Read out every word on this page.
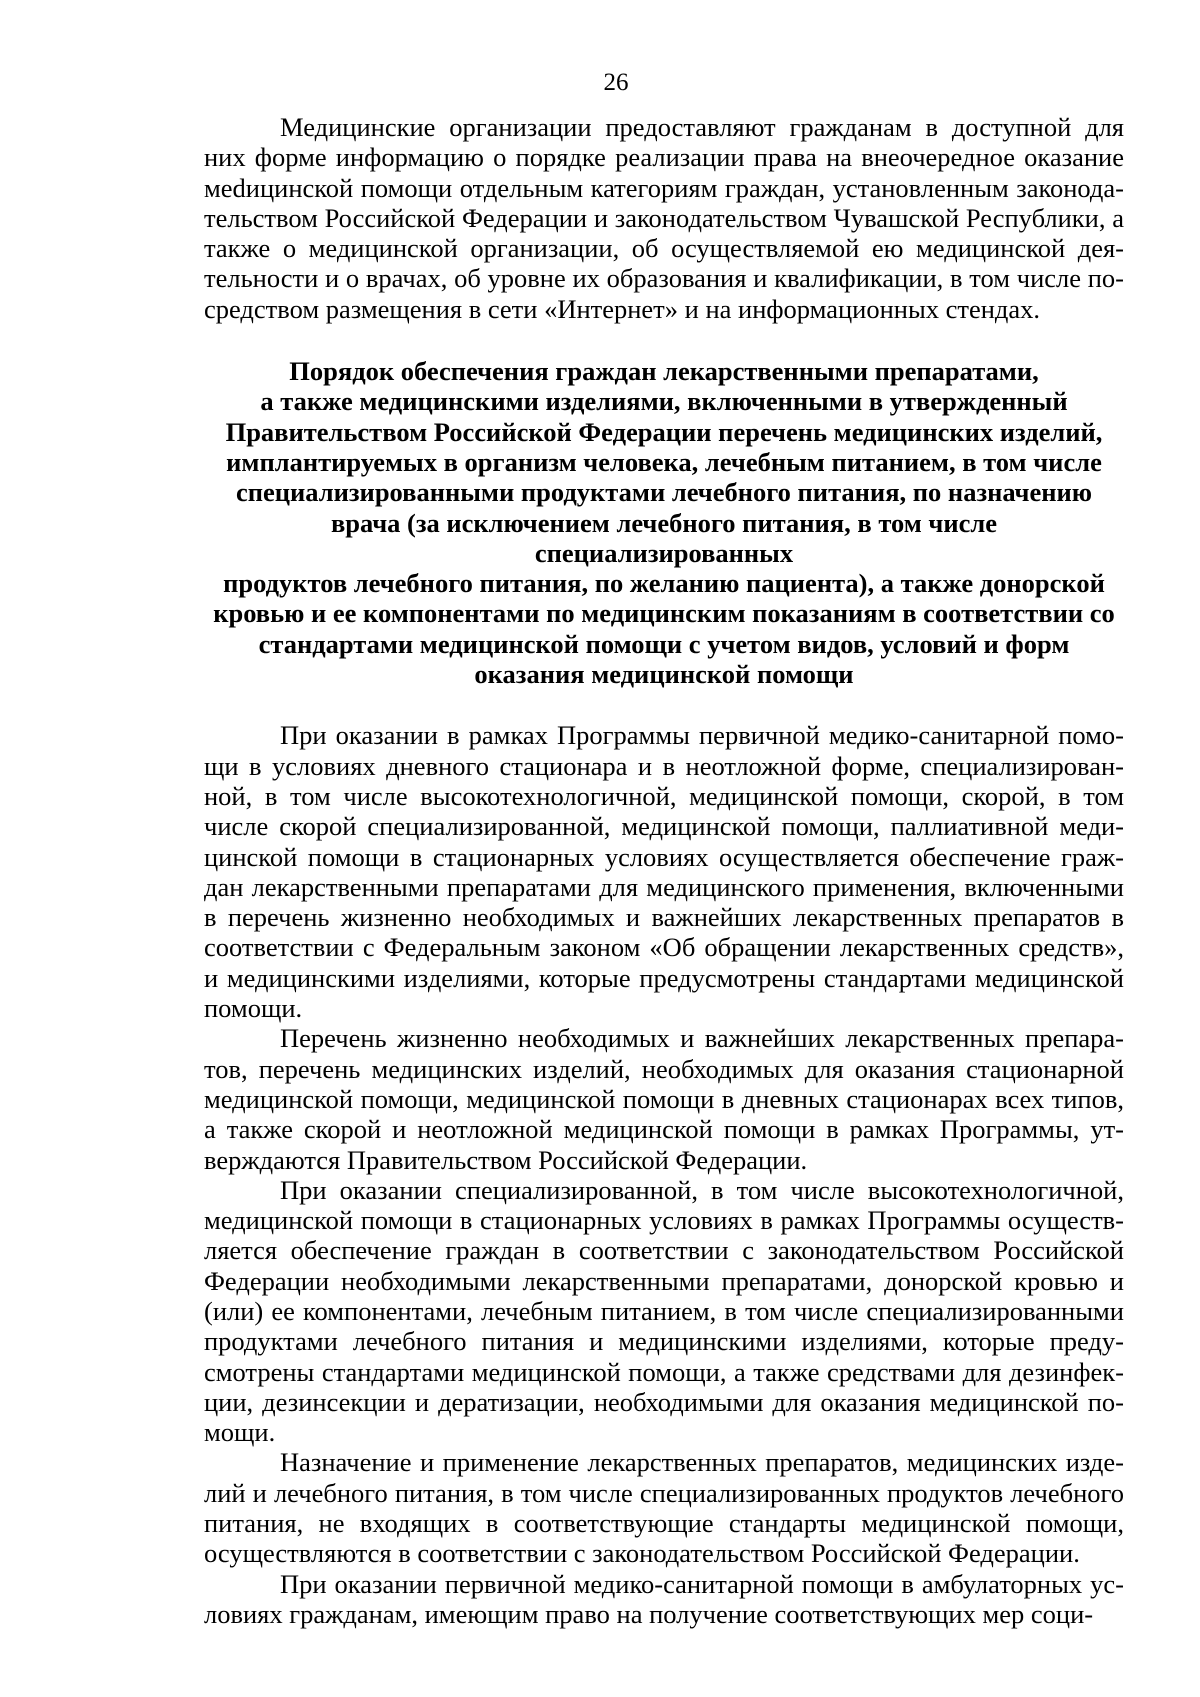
26

Медицинские организации предоставляют гражданам в доступной для них форме информацию о порядке реализации права на внеочередное оказание меdицинской помощи отдельным категориям граждан, установленным законодательством Российской Федерации и законодательством Чувашской Республики, а также о медицинской организации, об осуществляемой ею медицинской деятельности и о врачах, об уровне их образования и квалификации, в том числе посредством размещения в сети «Интернет» и на информационных стендах.

Порядок обеспечения граждан лекарственными препаратами,
а также медицинскими изделиями, включенными в утвержденный
Правительством Российской Федерации перечень медицинских изделий,
имплантируемых в организм человека, лечебным питанием, в том числе
специализированными продуктами лечебного питания, по назначению
врача (за исключением лечебного питания, в том числе специализированных
продуктов лечебного питания, по желанию пациента), а также донорской
кровью и ее компонентами по медицинским показаниям в соответствии со
стандартами медицинской помощи с учетом видов, условий и форм
оказания медицинской помощи

При оказании в рамках Программы первичной медико-санитарной помощи в условиях дневного стационара и в неотложной форме, специализированной, в том числе высокотехнологичной, медицинской помощи, скорой, в том числе скорой специализированной, медицинской помощи, паллиативной медицинской помощи в стационарных условиях осуществляется обеспечение граждан лекарственными препаратами для медицинского применения, включенными в перечень жизненно необходимых и важнейших лекарственных препаратов в соответствии с Федеральным законом «Об обращении лекарственных средств», и медицинскими изделиями, которые предусмотрены стандартами медицинской помощи.

Перечень жизненно необходимых и важнейших лекарственных препаратов, перечень медицинских изделий, необходимых для оказания стационарной медицинской помощи, медицинской помощи в дневных стационарах всех типов, а также скорой и неотложной медицинской помощи в рамках Программы, утверждаются Правительством Российской Федерации.

При оказании специализированной, в том числе высокотехнологичной, медицинской помощи в стационарных условиях в рамках Программы осуществляется обеспечение граждан в соответствии с законодательством Российской Федерации необходимыми лекарственными препаратами, донорской кровью и (или) ее компонентами, лечебным питанием, в том числе специализированными продуктами лечебного питания и медицинскими изделиями, которые предусмотрены стандартами медицинской помощи, а также средствами для дезинфекции, дезинсекции и дератизации, необходимыми для оказания медицинской помощи.

Назначение и применение лекарственных препаратов, медицинских изделий и лечебного питания, в том числе специализированных продуктов лечебного питания, не входящих в соответствующие стандарты медицинской помощи, осуществляются в соответствии с законодательством Российской Федерации.

При оказании первичной медико-санитарной помощи в амбулаторных условиях гражданам, имеющим право на получение соответствующих мер соци-
